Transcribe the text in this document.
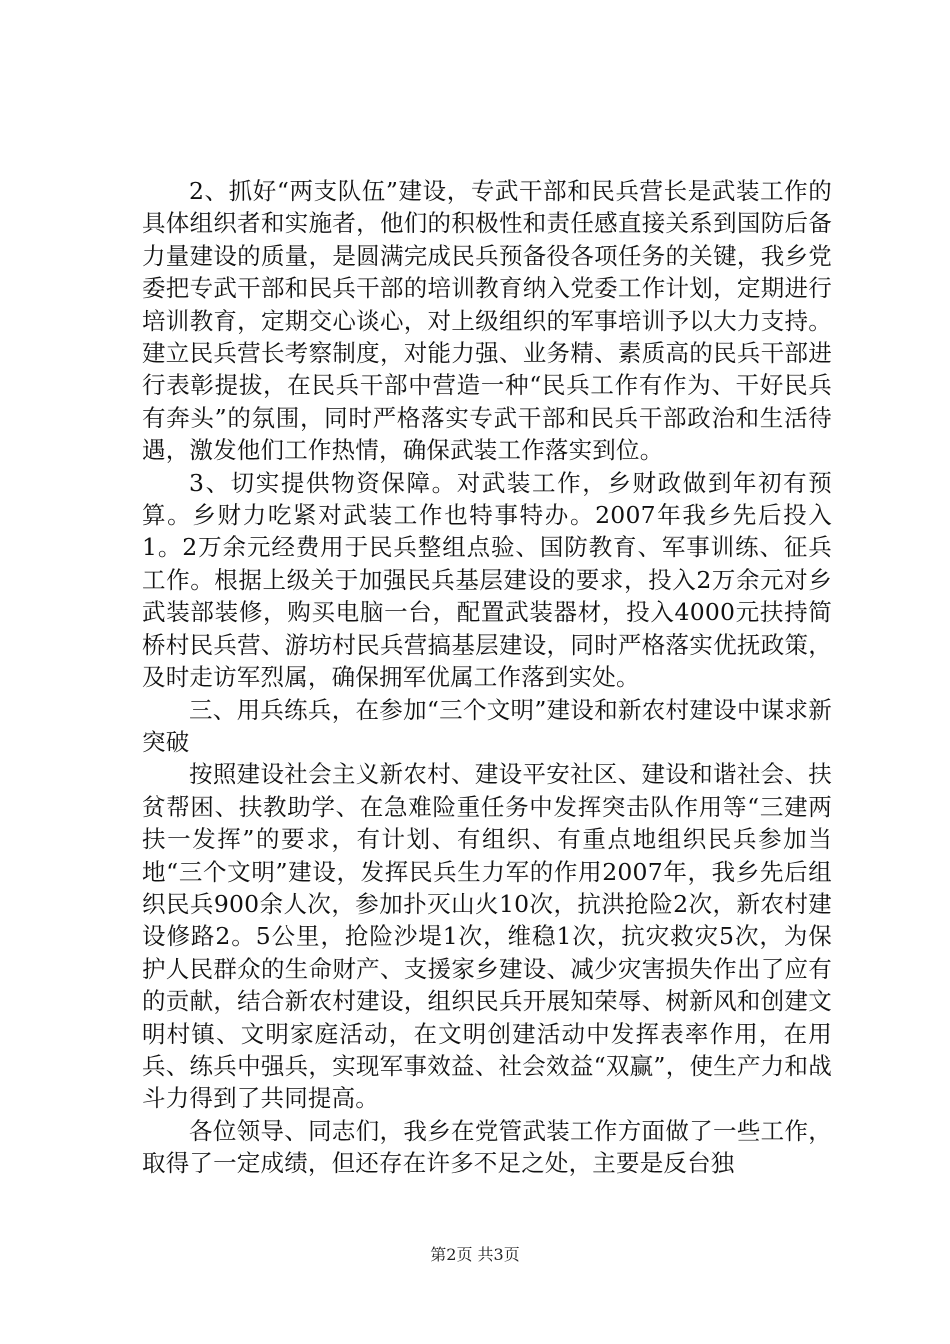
2、抓好“两支队伍”建设，专武干部和民兵营长是武装工作的具体组织者和实施者，他们的积极性和责任感直接关系到国防后备力量建设的质量，是圆满完成民兵预备役各项任务的关键，我乡党委把专武干部和民兵干部的培训教育纳入党委工作计划，定期进行培训教育，定期交心谈心，对上级组织的军事培训予以大力支持。建立民兵营长考察制度，对能力强、业务精、素质高的民兵干部进行表彰提拔，在民兵干部中营造一种“民兵工作有作为、干好民兵有奔头”的氛围，同时严格落实专武干部和民兵干部政治和生活待遇，激发他们工作热情，确保武装工作落实到位。

3、切实提供物资保障。对武装工作，乡财政做到年初有预算。乡财力吃紧对武装工作也特事特办。2007年我乡先后投入1。2万余元经费用于民兵整组点验、国防教育、军事训练、征兵工作。根据上级关于加强民兵基层建设的要求，投入2万余元对乡武装部装修，购买电脑一台，配置武装器材，投入4000元扶持简桥村民兵营、游坊村民兵营搞基层建设，同时严格落实优抚政策，及时走访军烈属，确保拥军优属工作落到实处。

三、用兵练兵，在参加“三个文明”建设和新农村建设中谋求新突破

按照建设社会主义新农村、建设平安社区、建设和谐社会、扶贫帮困、扶教助学、在急难险重任务中发挥突击队作用等“三建两扶一发挥”的要求，有计划、有组织、有重点地组织民兵参加当地“三个文明”建设，发挥民兵生力军的作用2007年，我乡先后组织民兵900余人次，参加扑灭山火10次，抗洪抢险2次，新农村建设修路2。5公里，抢险沙堤1次，维稳1次，抗灾救灾5次，为保护人民群众的生命财产、支援家乡建设、减少灾害损失作出了应有的贡献，结合新农村建设，组织民兵开展知荣辱、树新风和创建文明村镇、文明家庭活动，在文明创建活动中发挥表率作用，在用兵、练兵中强兵，实现军事效益、社会效益“双赢”，使生产力和战斗力得到了共同提高。

各位领导、同志们，我乡在党管武装工作方面做了一些工作，取得了一定成绩，但还存在许多不足之处，主要是反台独

第2页 共3页
